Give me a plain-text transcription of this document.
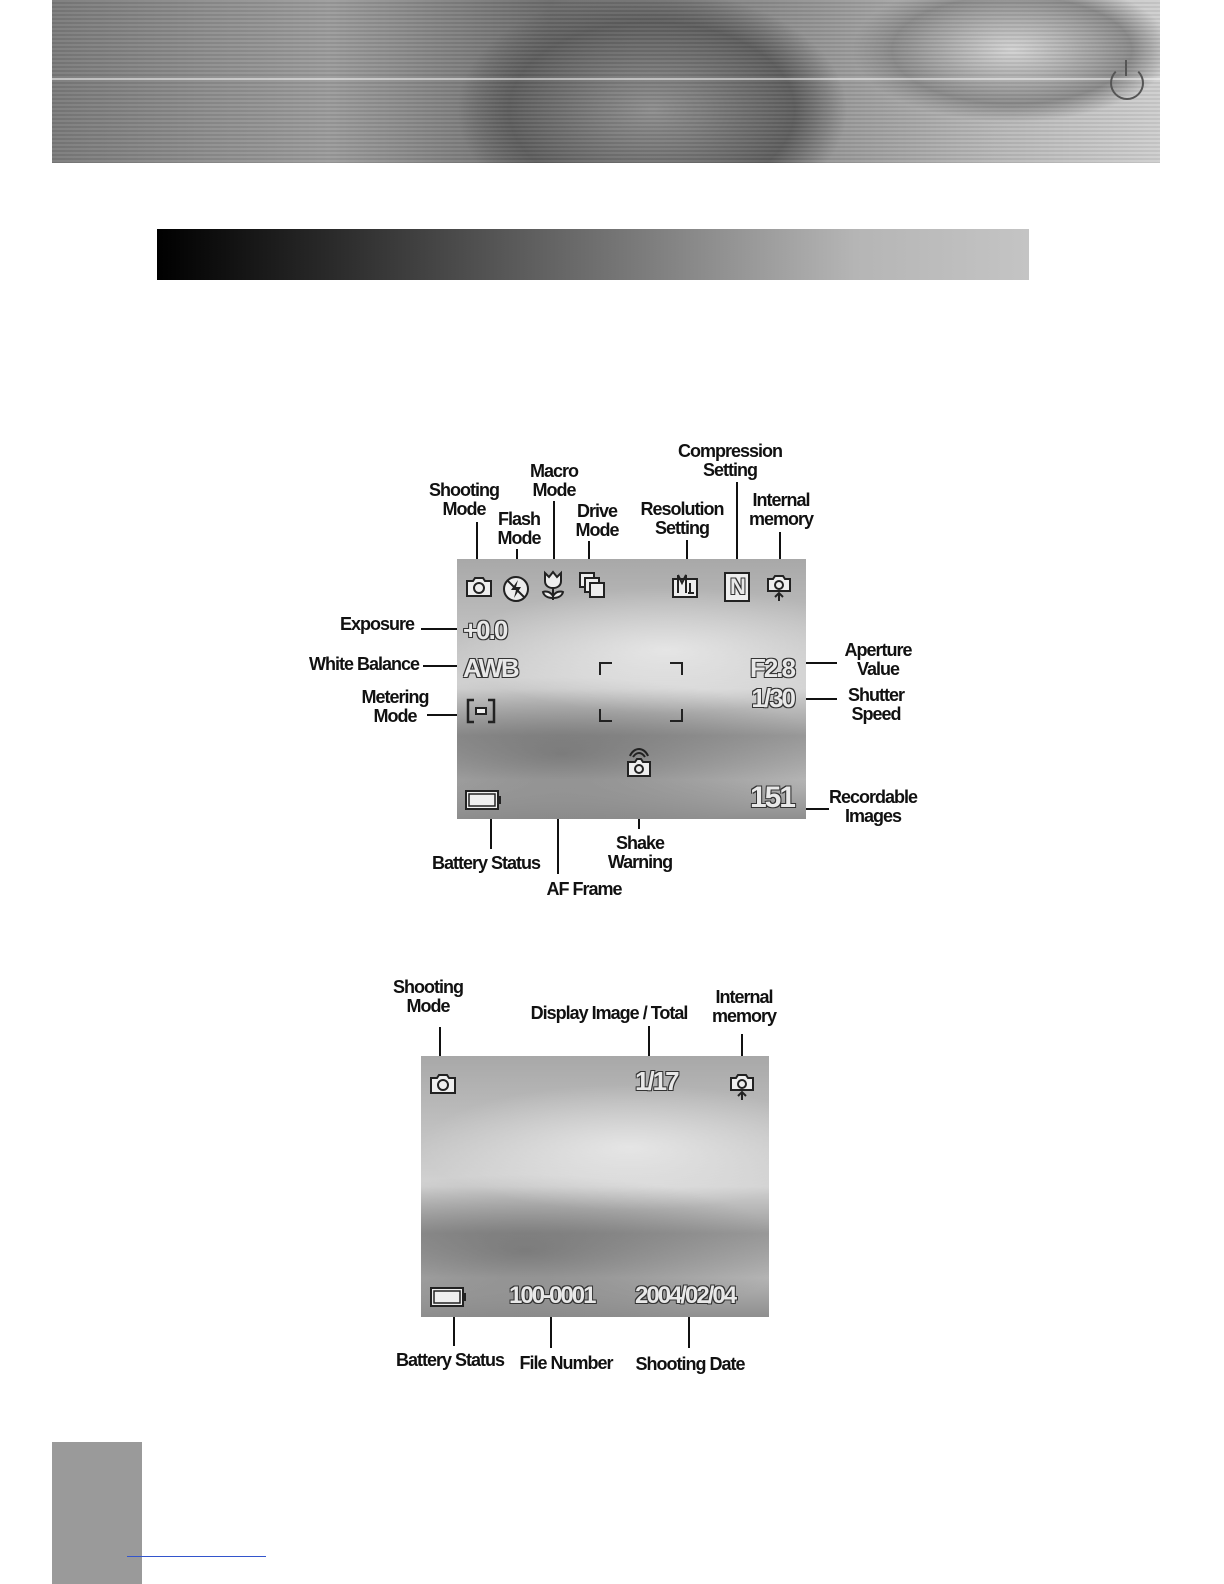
Shooting
Mode Flash
Mode
Macro
Mode
Drive
Mode
Resolution
Setting
Compression
Setting
Internal
memory
Exposure
White Balance
Metering
Mode
Aperture
Value
Shutter
Speed
Recordable
Images
Battery Status
Shake
Warning
AF Frame
N
+0.0
AWB	F2.8
1/30
151
Shooting
Mode	Display Image / Total
Internal
memory
Battery Status File Number Shooting Date
1/17
100-0001 2004/02/04
